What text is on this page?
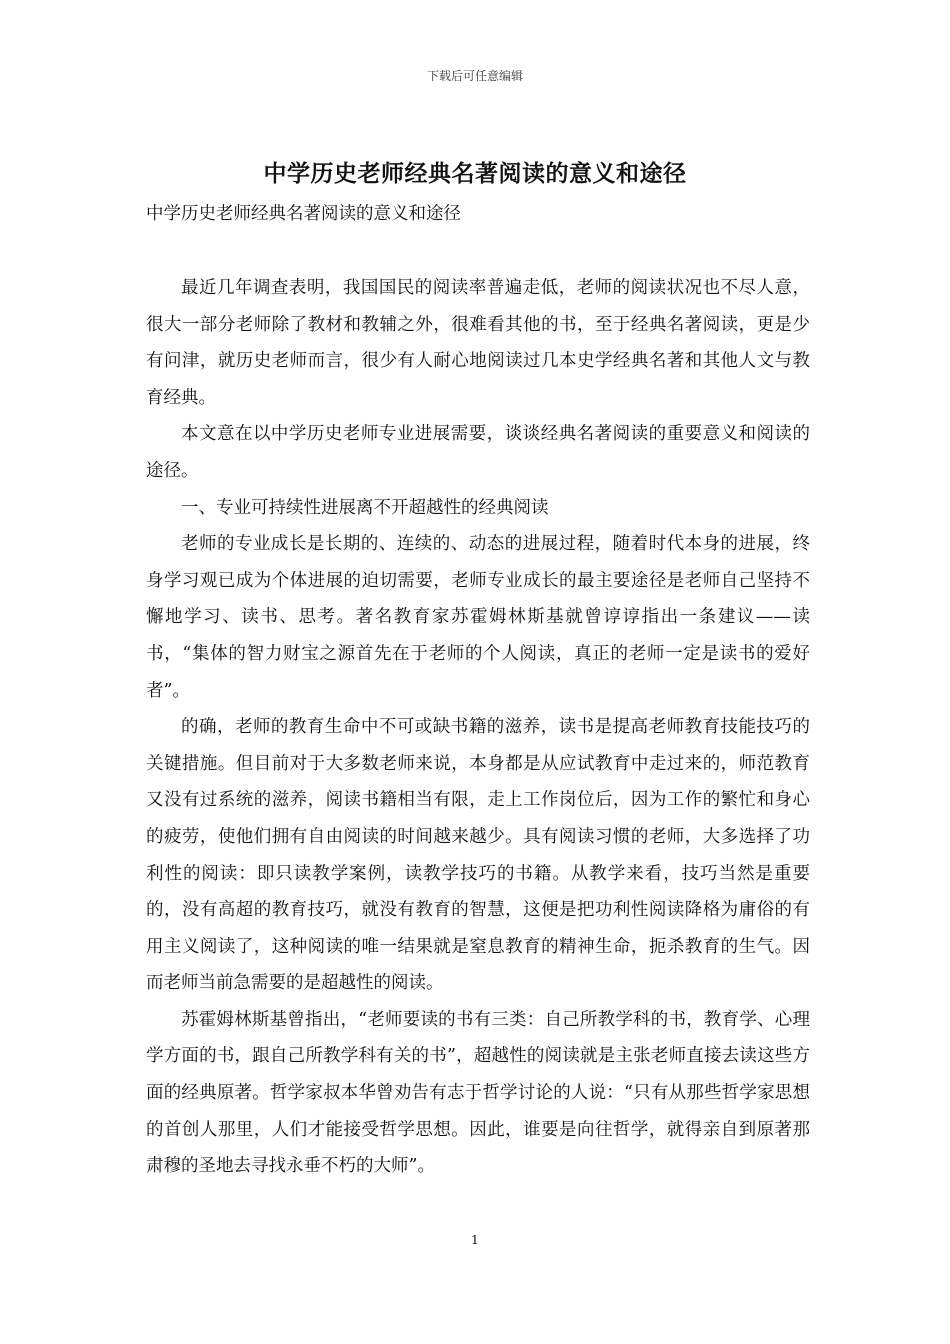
下载后可任意编辑
中学历史老师经典名著阅读的意义和途径
中学历史老师经典名著阅读的意义和途径

最近几年调查表明，我国国民的阅读率普遍走低，老师的阅读状况也不尽人意，很大一部分老师除了教材和教辅之外，很难看其他的书，至于经典名著阅读，更是少有问津，就历史老师而言，很少有人耐心地阅读过几本史学经典名著和其他人文与教育经典。

本文意在以中学历史老师专业进展需要，谈谈经典名著阅读的重要意义和阅读的途径。

一、专业可持续性进展离不开超越性的经典阅读

老师的专业成长是长期的、连续的、动态的进展过程，随着时代本身的进展，终身学习观已成为个体进展的迫切需要，老师专业成长的最主要途径是老师自己坚持不懈地学习、读书、思考。著名教育家苏霍姆林斯基就曾谆谆指出一条建议——读书，“集体的智力财宝之源首先在于老师的个人阅读，真正的老师一定是读书的爱好者”。

的确，老师的教育生命中不可或缺书籍的滋养，读书是提高老师教育技能技巧的关键措施。但目前对于大多数老师来说，本身都是从应试教育中走过来的，师范教育又没有过系统的滋养，阅读书籍相当有限，走上工作岗位后，因为工作的繁忙和身心的疲劳，使他们拥有自由阅读的时间越来越少。具有阅读习惯的老师，大多选择了功利性的阅读：即只读教学案例，读教学技巧的书籍。从教学来看，技巧当然是重要的，没有高超的教育技巧，就没有教育的智慧，这便是把功利性阅读降格为庸俗的有用主义阅读了，这种阅读的唯一结果就是窒息教育的精神生命，扼杀教育的生气。因而老师当前急需要的是超越性的阅读。

苏霍姆林斯基曾指出，“老师要读的书有三类：自己所教学科的书，教育学、心理学方面的书，跟自己所教学科有关的书”，超越性的阅读就是主张老师直接去读这些方面的经典原著。哲学家叔本华曾劝告有志于哲学讨论的人说：“只有从那些哲学家思想的首创人那里，人们才能接受哲学思想。因此，谁要是向往哲学，就得亲自到原著那肃穆的圣地去寻找永垂不朽的大师”。

1
